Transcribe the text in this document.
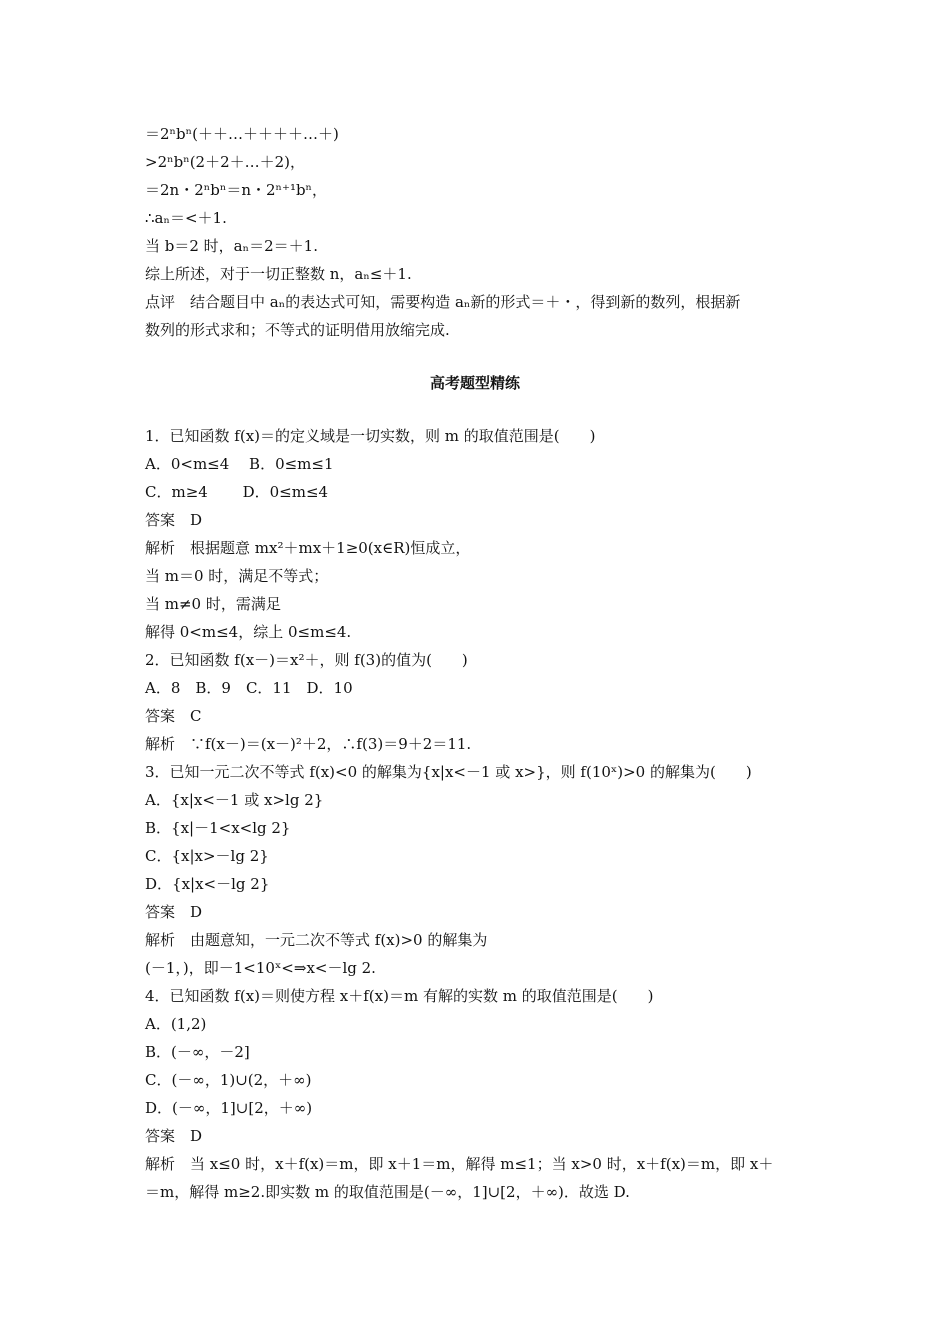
＝2ⁿbⁿ(＋＋…＋＋＋＋…＋)
>2ⁿbⁿ(2＋2＋…＋2)，
＝2n・2ⁿbⁿ＝n・2ⁿ⁺¹bⁿ，
∴aₙ＝<＋1.
当 b＝2 时，aₙ＝2＝＋1.
综上所述，对于一切正整数 n，aₙ≤＋1.
点评　结合题目中 aₙ的表达式可知，需要构造 aₙ新的形式＝＋・，得到新的数列，根据新
数列的形式求和；不等式的证明借用放缩完成.
高考题型精练
1．已知函数 f(x)＝的定义域是一切实数，则 m 的取值范围是(　　)
A．0<m≤4　 B．0≤m≤1
C．m≥4　　 D．0≤m≤4
答案　D
解析　根据题意 mx²＋mx＋1≥0(x∈R)恒成立，
当 m＝0 时，满足不等式；
当 m≠0 时，需满足
解得 0<m≤4，综上 0≤m≤4.
2．已知函数 f(x－)＝x²＋，则 f(3)的值为(　　)
A．8　B．9　C．11　D．10
答案　C
解析　∵f(x－)＝(x－)²＋2，∴f(3)＝9＋2＝11.
3．已知一元二次不等式 f(x)<0 的解集为{x|x<－1 或 x>}，则 f(10ˣ)>0 的解集为(　　)
A．{x|x<－1 或 x>lg 2}
B．{x|－1<x<lg 2}
C．{x|x>－lg 2}
D．{x|x<－lg 2}
答案　D
解析　由题意知，一元二次不等式 f(x)>0 的解集为
(－1，)，即－1<10ˣ<⇒x<－lg 2.
4．已知函数 f(x)＝则使方程 x＋f(x)＝m 有解的实数 m 的取值范围是(　　)
A．(1,2)
B．(－∞，－2]
C．(－∞，1)∪(2，＋∞)
D．(－∞，1]∪[2，＋∞)
答案　D
解析　当 x≤0 时，x＋f(x)＝m，即 x＋1＝m，解得 m≤1；当 x>0 时，x＋f(x)＝m，即 x＋
＝m，解得 m≥2.即实数 m 的取值范围是(－∞，1]∪[2，＋∞)．故选 D.
